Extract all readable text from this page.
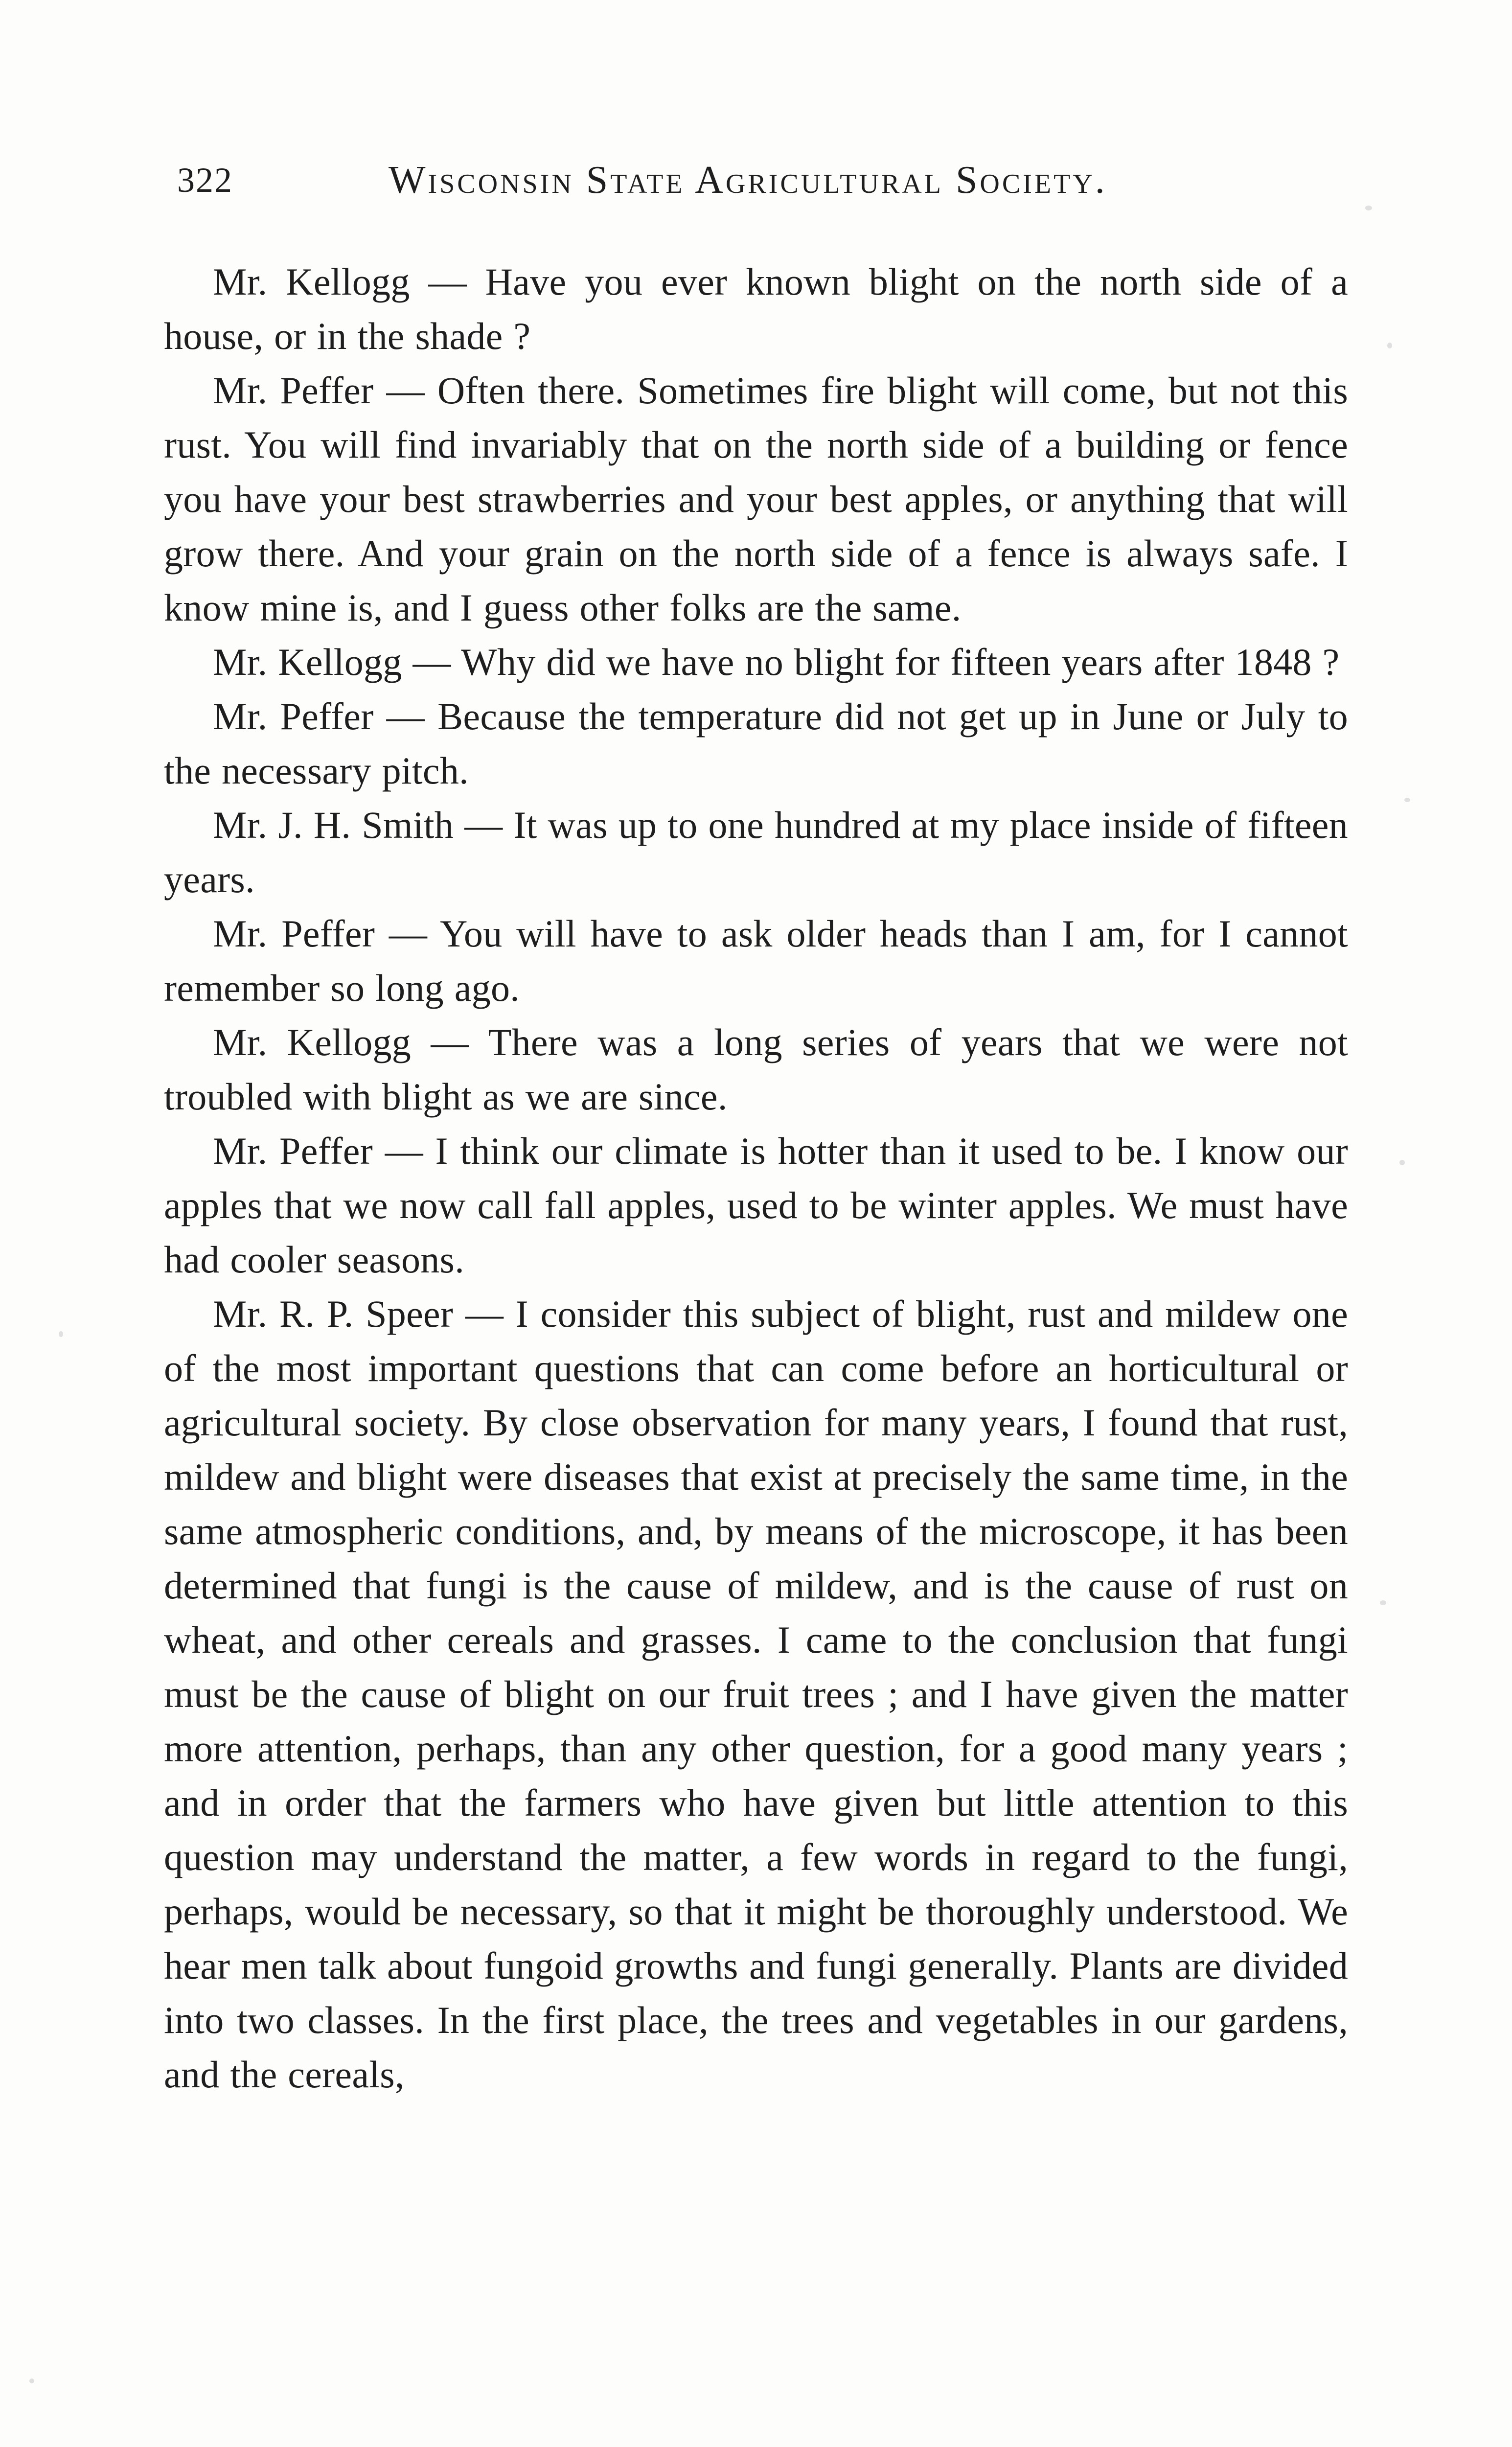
322	Wisconsin State Agricultural Society.

Mr. Kellogg — Have you ever known blight on the north side of a house, or in the shade ?

Mr. Peffer — Often there. Sometimes fire blight will come, but not this rust. You will find invariably that on the north side of a building or fence you have your best strawberries and your best apples, or anything that will grow there. And your grain on the north side of a fence is always safe. I know mine is, and I guess other folks are the same.

Mr. Kellogg — Why did we have no blight for fifteen years after 1848 ?

Mr. Peffer — Because the temperature did not get up in June or July to the necessary pitch.

Mr. J. H. Smith — It was up to one hundred at my place inside of fifteen years.

Mr. Peffer — You will have to ask older heads than I am, for I cannot remember so long ago.

Mr. Kellogg — There was a long series of years that we were not troubled with blight as we are since.

Mr. Peffer — I think our climate is hotter than it used to be. I know our apples that we now call fall apples, used to be winter apples. We must have had cooler seasons.

Mr. R. P. Speer — I consider this subject of blight, rust and mildew one of the most important questions that can come before an horticultural or agricultural society. By close observation for many years, I found that rust, mildew and blight were diseases that exist at precisely the same time, in the same atmospheric conditions, and, by means of the microscope, it has been determined that fungi is the cause of mildew, and is the cause of rust on wheat, and other cereals and grasses. I came to the conclusion that fungi must be the cause of blight on our fruit trees ; and I have given the matter more attention, perhaps, than any other question, for a good many years ; and in order that the farmers who have given but little attention to this question may understand the matter, a few words in regard to the fungi, perhaps, would be necessary, so that it might be thoroughly understood. We hear men talk about fungoid growths and fungi generally. Plants are divided into two classes. In the first place, the trees and vegetables in our gardens, and the cereals,
